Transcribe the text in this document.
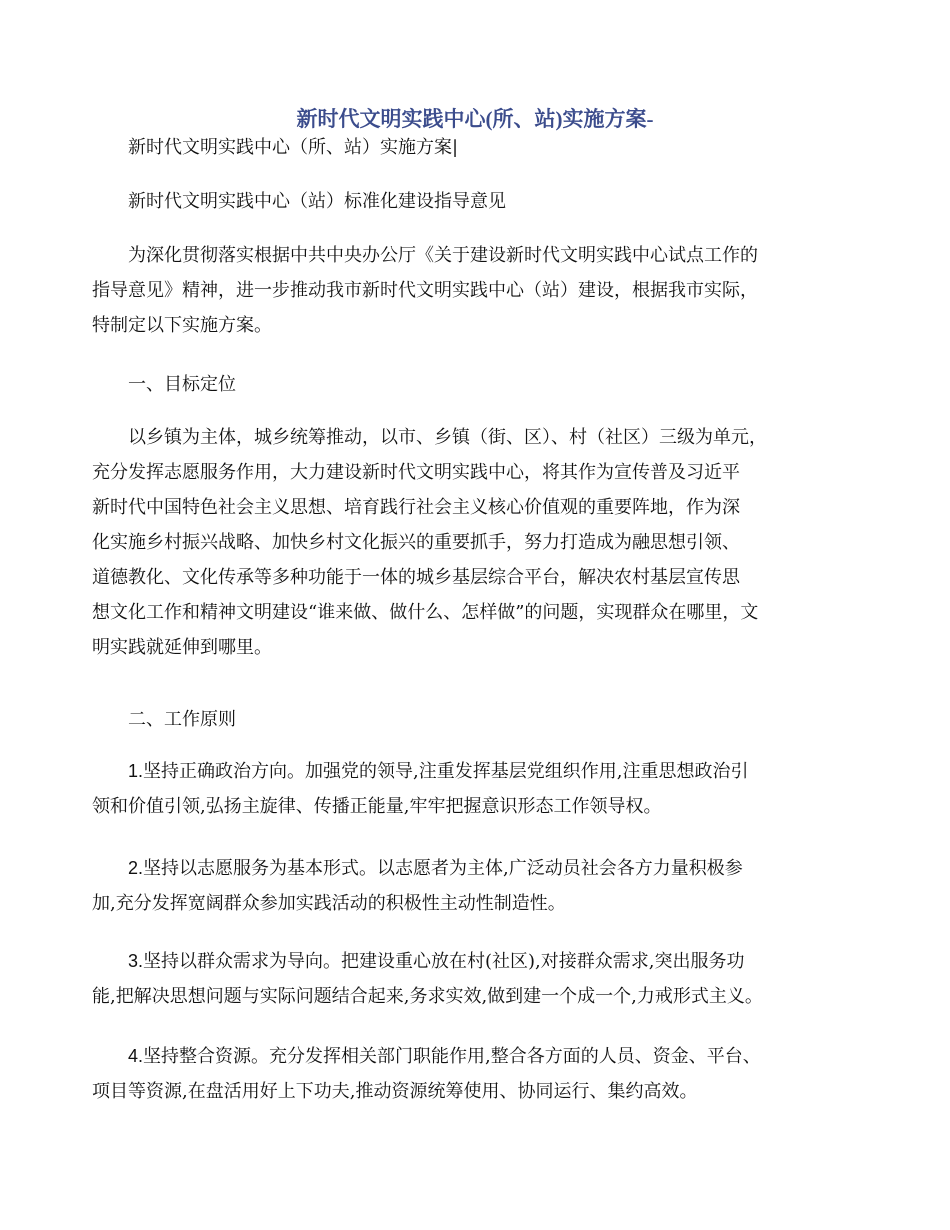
新时代文明实践中心(所、站)实施方案-
新时代文明实践中心（所、站）实施方案|
新时代文明实践中心（站）标准化建设指导意见
为深化贯彻落实根据中共中央办公厅《关于建设新时代文明实践中心试点工作的
指导意见》精神，进一步推动我市新时代文明实践中心（站）建设，根据我市实际，
特制定以下实施方案。
一、目标定位
以乡镇为主体，城乡统筹推动，以市、乡镇（街、区）、村（社区）三级为单元，
充分发挥志愿服务作用，大力建设新时代文明实践中心，将其作为宣传普及习近平
新时代中国特色社会主义思想、培育践行社会主义核心价值观的重要阵地，作为深
化实施乡村振兴战略、加快乡村文化振兴的重要抓手，努力打造成为融思想引领、
道德教化、文化传承等多种功能于一体的城乡基层综合平台，解决农村基层宣传思
想文化工作和精神文明建设“谁来做、做什么、怎样做”的问题，实现群众在哪里，文
明实践就延伸到哪里。
二、工作原则
1.坚持正确政治方向。加强党的领导,注重发挥基层党组织作用,注重思想政治引
领和价值引领,弘扬主旋律、传播正能量,牢牢把握意识形态工作领导权。
2.坚持以志愿服务为基本形式。以志愿者为主体,广泛动员社会各方力量积极参
加,充分发挥宽阔群众参加实践活动的积极性主动性制造性。
3.坚持以群众需求为导向。把建设重心放在村(社区),对接群众需求,突出服务功
能,把解决思想问题与实际问题结合起来,务求实效,做到建一个成一个,力戒形式主义。
4.坚持整合资源。充分发挥相关部门职能作用,整合各方面的人员、资金、平台、
项目等资源,在盘活用好上下功夫,推动资源统筹使用、协同运行、集约高效。
